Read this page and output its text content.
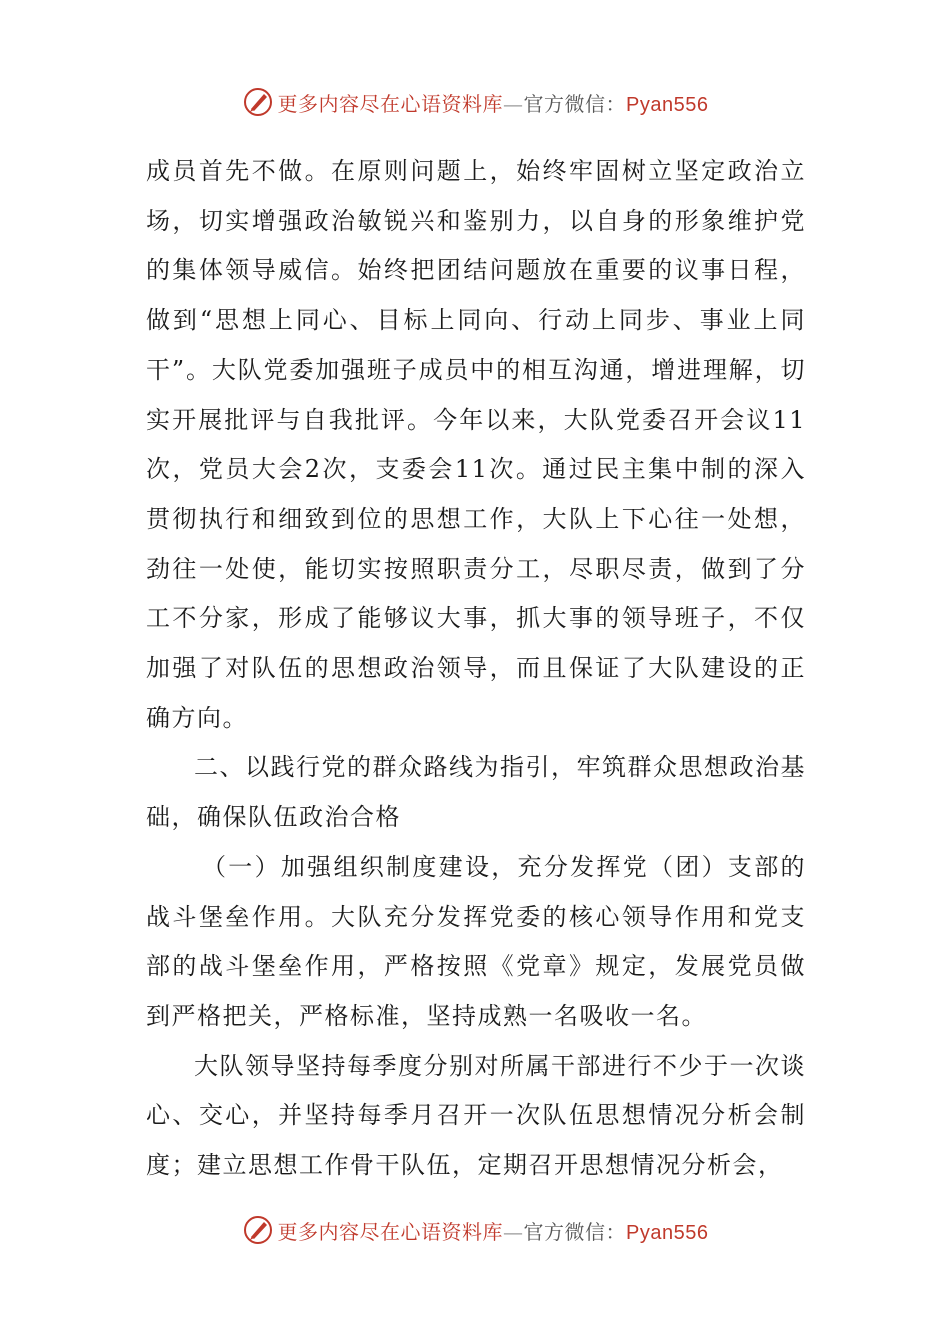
更多内容尽在心语资料库—官方微信：Pyan556

成员首先不做。在原则问题上，始终牢固树立坚定政治立场，切实增强政治敏锐兴和鉴别力，以自身的形象维护党的集体领导威信。始终把团结问题放在重要的议事日程，做到“思想上同心、目标上同向、行动上同步、事业上同干”。大队党委加强班子成员中的相互沟通，增进理解，切实开展批评与自我批评。今年以来，大队党委召开会议11次，党员大会2次，支委会11次。通过民主集中制的深入贯彻执行和细致到位的思想工作，大队上下心往一处想，劲往一处使，能切实按照职责分工，尽职尽责，做到了分工不分家，形成了能够议大事，抓大事的领导班子，不仅加强了对队伍的思想政治领导，而且保证了大队建设的正确方向。

二、以践行党的群众路线为指引，牢筑群众思想政治基础，确保队伍政治合格

（一）加强组织制度建设，充分发挥党（团）支部的战斗堡垒作用。大队充分发挥党委的核心领导作用和党支部的战斗堡垒作用，严格按照《党章》规定，发展党员做到严格把关，严格标准，坚持成熟一名吸收一名。

大队领导坚持每季度分别对所属干部进行不少于一次谈心、交心，并坚持每季月召开一次队伍思想情况分析会制度；建立思想工作骨干队伍，定期召开思想情况分析会，

更多内容尽在心语资料库—官方微信：Pyan556
